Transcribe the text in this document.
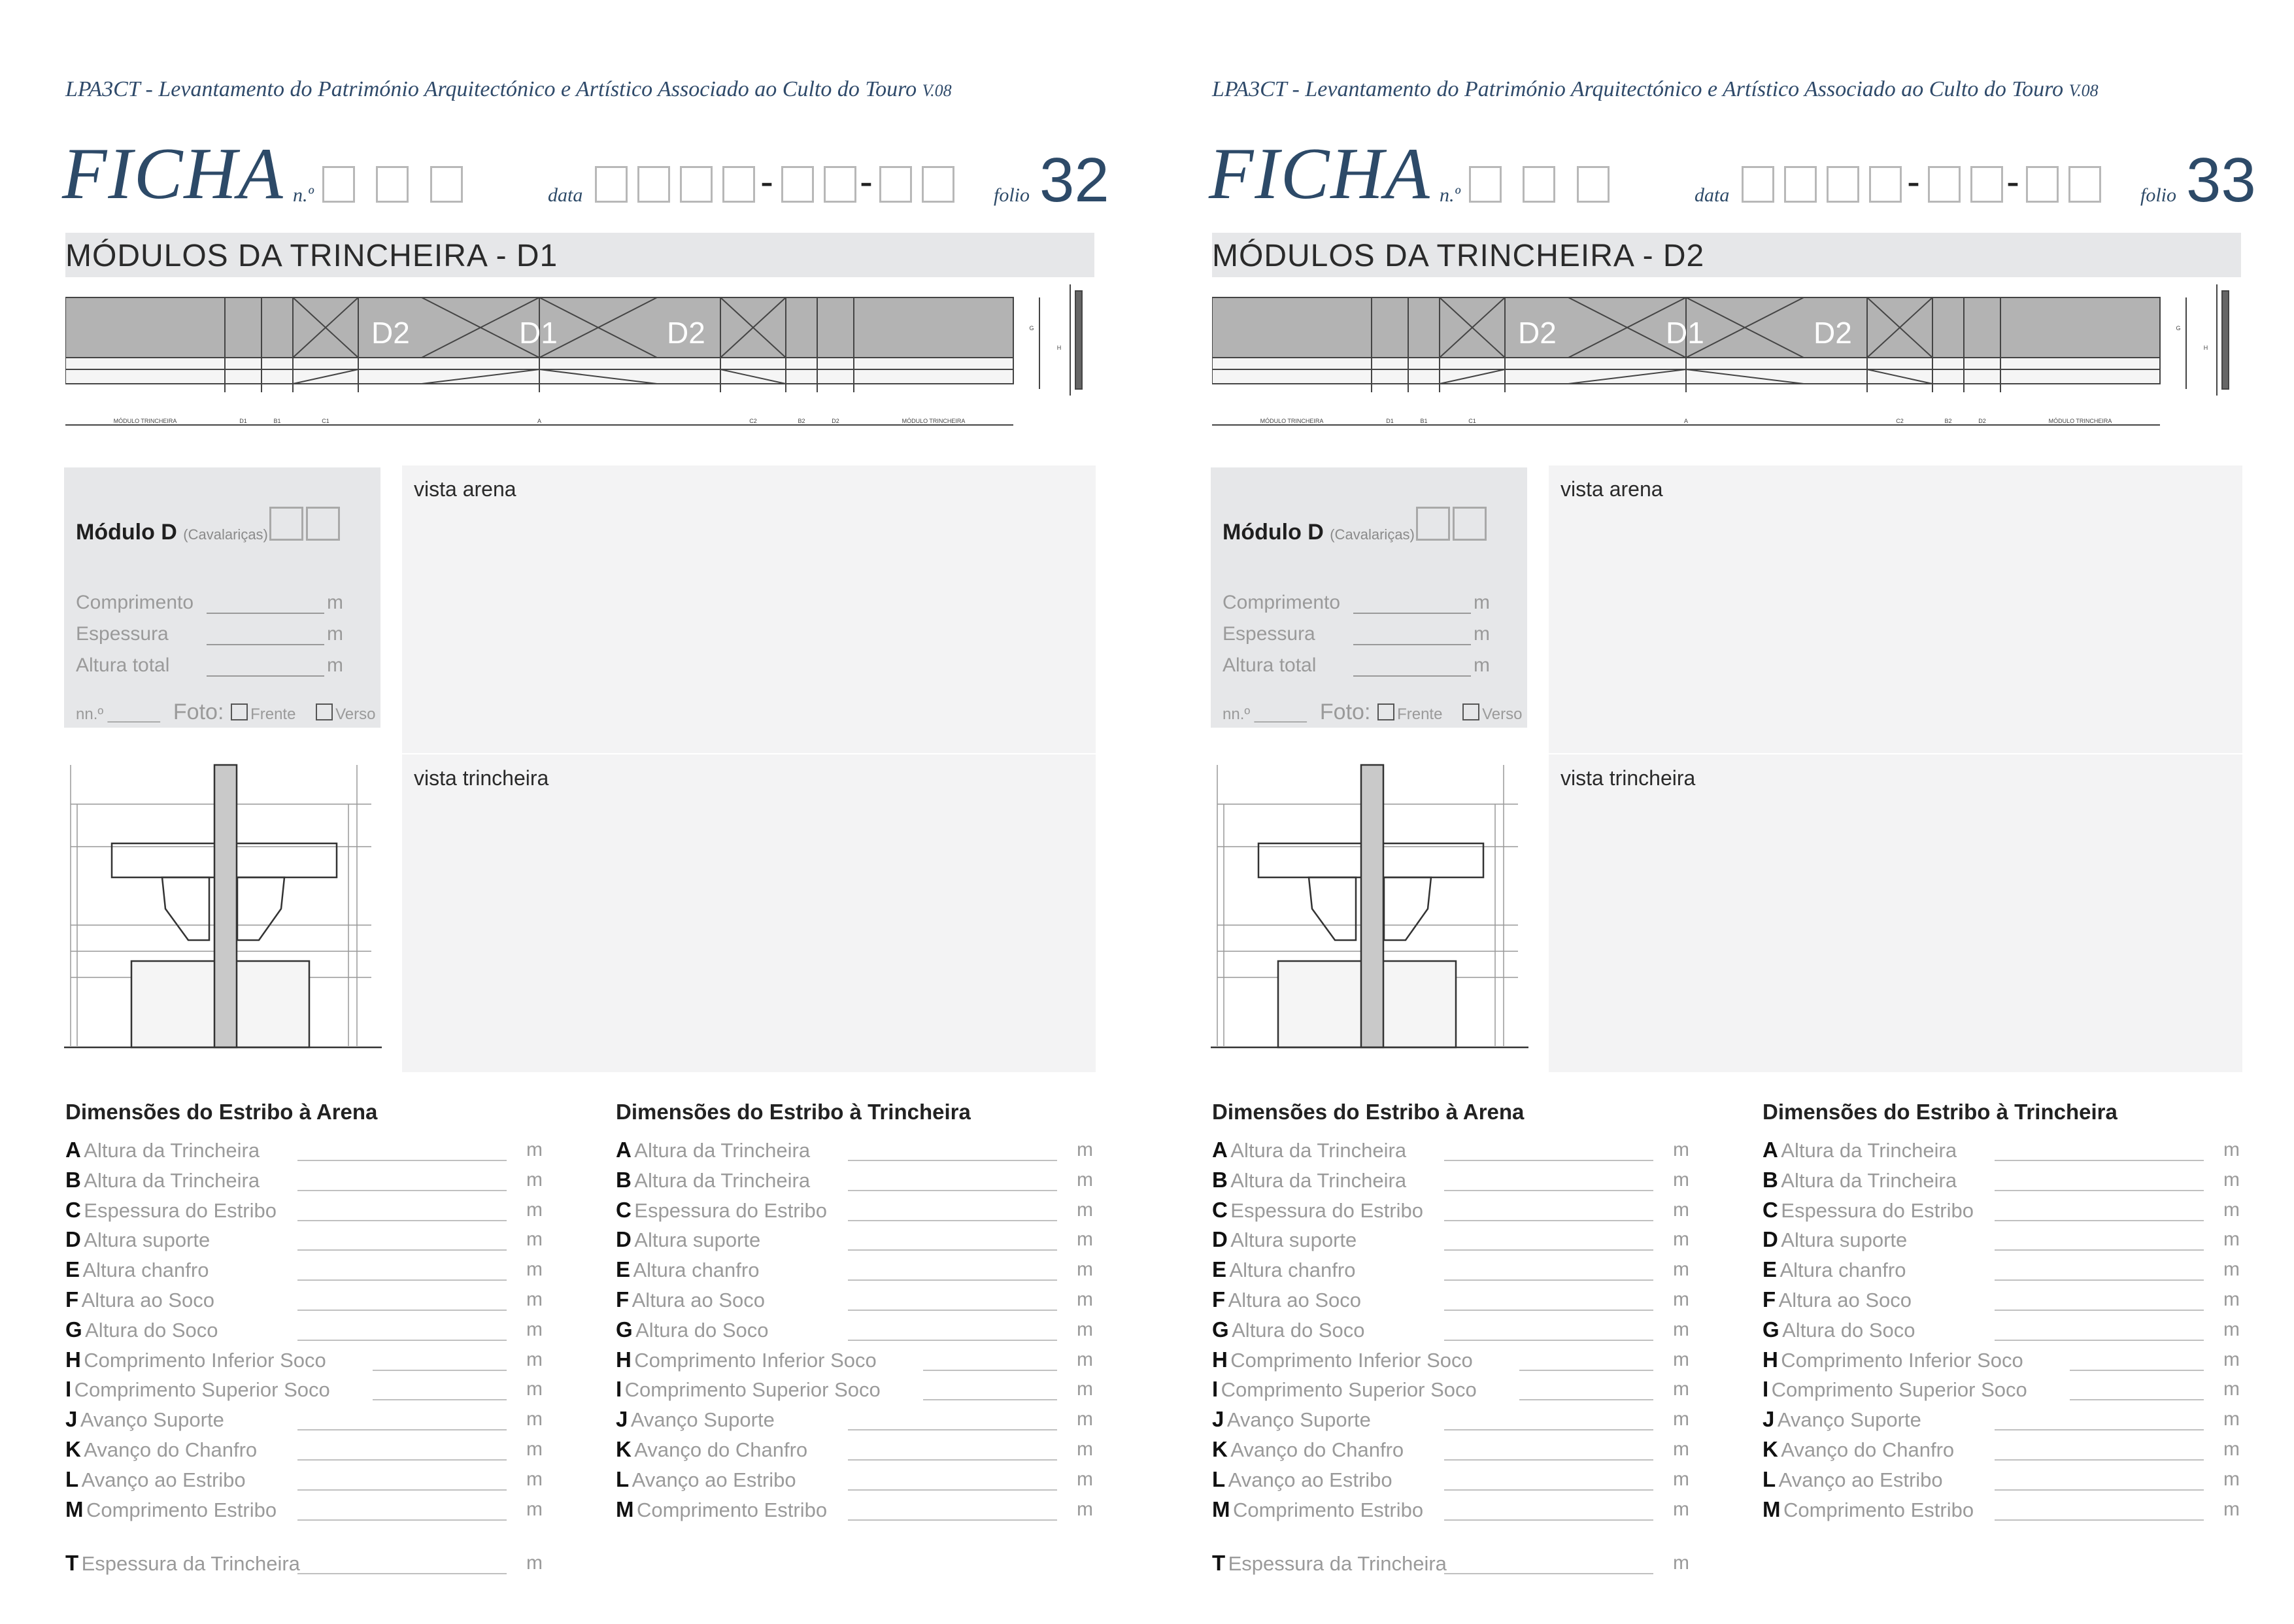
LPA3CT - Levantamento do Património Arquitectónico e Artístico Associado ao Culto do Touro V.08
FICHA n.º	data	- -	folio 32
MÓDULOS DA TRINCHEIRA - D1
D2	D1	D2
MÓDULO TRINCHEIRA	D1	B1	C1	A	C2	B2	D2	MÓDULO TRINCHEIRA
G
H
Módulo D (Cavalariças)
Comprimento	m
Espessura	m
Altura total	m
nn.º ______ Foto: Frente	Verso
vista arena
vista trincheira
Dimensões do Estribo à Arena
A Altura da Trincheira	m
B Altura da Trincheira	m
C Espessura do Estribo	m
D Altura suporte	m
E Altura chanfro	m
F Altura ao Soco	m
G Altura do Soco	m
H Comprimento Inferior Soco	m
I Comprimento Superior Soco	m
J Avanço Suporte	m
K Avanço do Chanfro	m
L Avanço ao Estribo	m
M Comprimento Estribo	m
T Espessura da Trincheira	m
Dimensões do Estribo à Trincheira
A Altura da Trincheira	m
B Altura da Trincheira	m
C Espessura do Estribo	m
D Altura suporte	m
E Altura chanfro	m
F Altura ao Soco	m
G Altura do Soco	m
H Comprimento Inferior Soco	m
I Comprimento Superior Soco	m
J Avanço Suporte	m
K Avanço do Chanfro	m
L Avanço ao Estribo	m
M Comprimento Estribo	m
LPA3CT - Levantamento do Património Arquitectónico e Artístico Associado ao Culto do Touro V.08
FICHA n.º	data	- -	folio 33
MÓDULOS DA TRINCHEIRA - D2
D2	D1	D2
MÓDULO TRINCHEIRA	D1	B1	C1	A	C2	B2	D2	MÓDULO TRINCHEIRA
G
H
Módulo D (Cavalariças)
Comprimento	m
Espessura	m
Altura total	m
nn.º ______ Foto: Frente	Verso
vista arena
vista trincheira
Dimensões do Estribo à Arena
A Altura da Trincheira	m
B Altura da Trincheira	m
C Espessura do Estribo	m
D Altura suporte	m
E Altura chanfro	m
F Altura ao Soco	m
G Altura do Soco	m
H Comprimento Inferior Soco	m
I Comprimento Superior Soco	m
J Avanço Suporte	m
K Avanço do Chanfro	m
L Avanço ao Estribo	m
M Comprimento Estribo	m
T Espessura da Trincheira	m
Dimensões do Estribo à Trincheira
A Altura da Trincheira	m
B Altura da Trincheira	m
C Espessura do Estribo	m
D Altura suporte	m
E Altura chanfro	m
F Altura ao Soco	m
G Altura do Soco	m
H Comprimento Inferior Soco	m
I Comprimento Superior Soco	m
J Avanço Suporte	m
K Avanço do Chanfro	m
L Avanço ao Estribo	m
M Comprimento Estribo	m
